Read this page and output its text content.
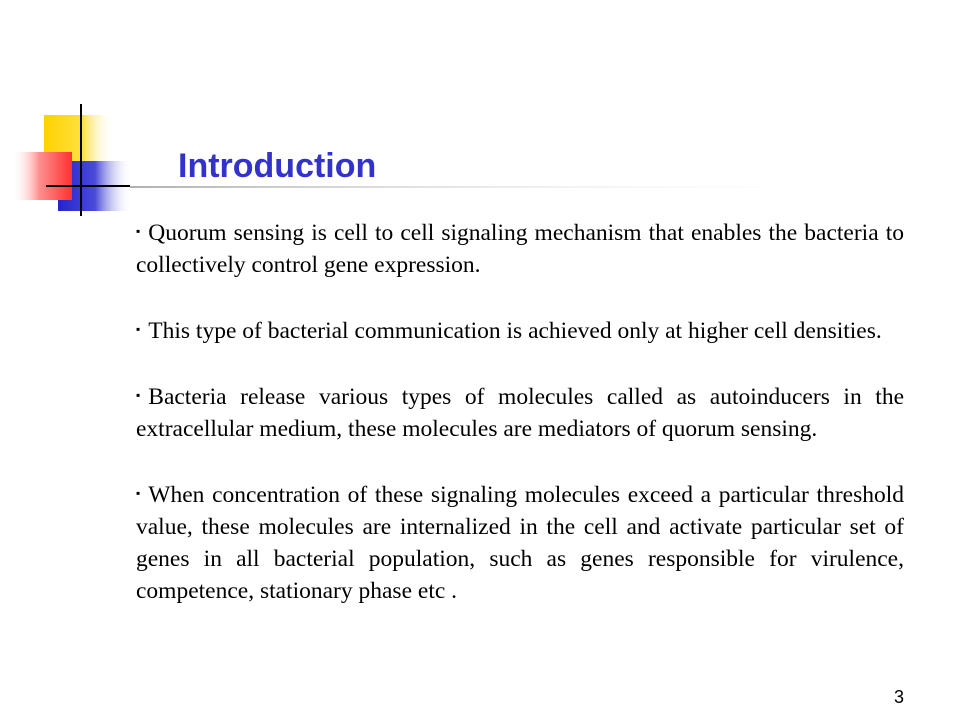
Introduction

▪ Quorum sensing is cell to cell signaling mechanism that enables the bacteria to collectively control gene expression.

▪ This type of bacterial communication is achieved only at higher cell densities.

▪ Bacteria release various types of molecules called as autoinducers in the extracellular medium, these molecules are mediators of quorum sensing.

▪ When concentration of these signaling molecules exceed a particular threshold value, these molecules are internalized in the cell and activate particular set of genes in all bacterial population, such as genes responsible for virulence, competence, stationary phase etc .

3
